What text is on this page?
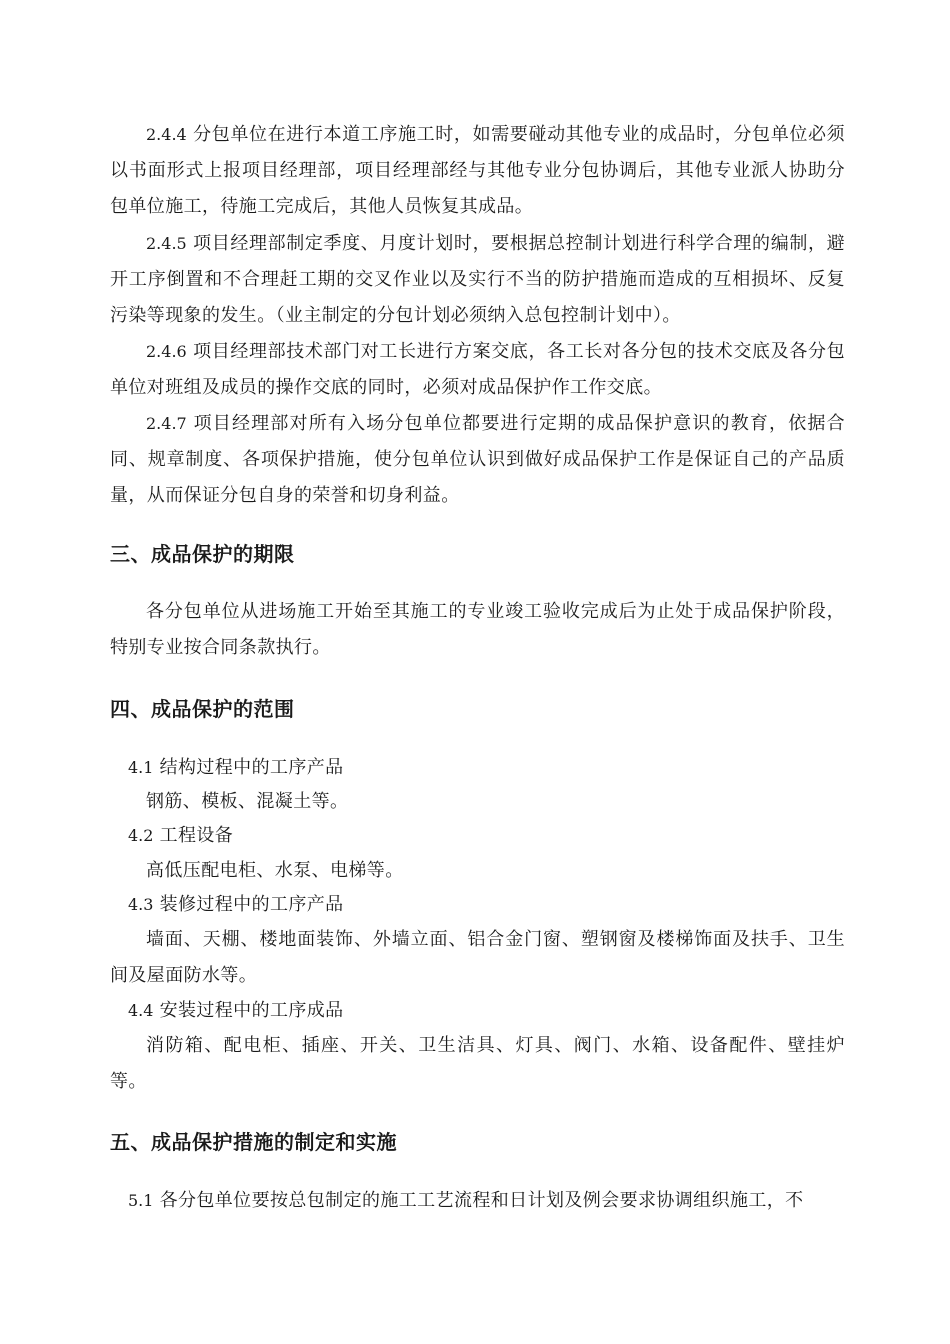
2.4.4 分包单位在进行本道工序施工时，如需要碰动其他专业的成品时，分包单位必须以书面形式上报项目经理部，项目经理部经与其他专业分包协调后，其他专业派人协助分包单位施工，待施工完成后，其他人员恢复其成品。
2.4.5 项目经理部制定季度、月度计划时，要根据总控制计划进行科学合理的编制，避开工序倒置和不合理赶工期的交叉作业以及实行不当的防护措施而造成的互相损坏、反复污染等现象的发生。（业主制定的分包计划必须纳入总包控制计划中）。
2.4.6 项目经理部技术部门对工长进行方案交底，各工长对各分包的技术交底及各分包单位对班组及成员的操作交底的同时，必须对成品保护作工作交底。
2.4.7 项目经理部对所有入场分包单位都要进行定期的成品保护意识的教育，依据合同、规章制度、各项保护措施，使分包单位认识到做好成品保护工作是保证自己的产品质量，从而保证分包自身的荣誉和切身利益。
三、成品保护的期限
各分包单位从进场施工开始至其施工的专业竣工验收完成后为止处于成品保护阶段，特别专业按合同条款执行。
四、成品保护的范围
4.1 结构过程中的工序产品
钢筋、模板、混凝土等。
4.2 工程设备
高低压配电柜、水泵、电梯等。
4.3 装修过程中的工序产品
墙面、天棚、楼地面装饰、外墙立面、铝合金门窗、塑钢窗及楼梯饰面及扶手、卫生间及屋面防水等。
4.4 安装过程中的工序成品
消防箱、配电柜、插座、开关、卫生洁具、灯具、阀门、水箱、设备配件、壁挂炉等。
五、成品保护措施的制定和实施
5.1 各分包单位要按总包制定的施工工艺流程和日计划及例会要求协调组织施工，不
